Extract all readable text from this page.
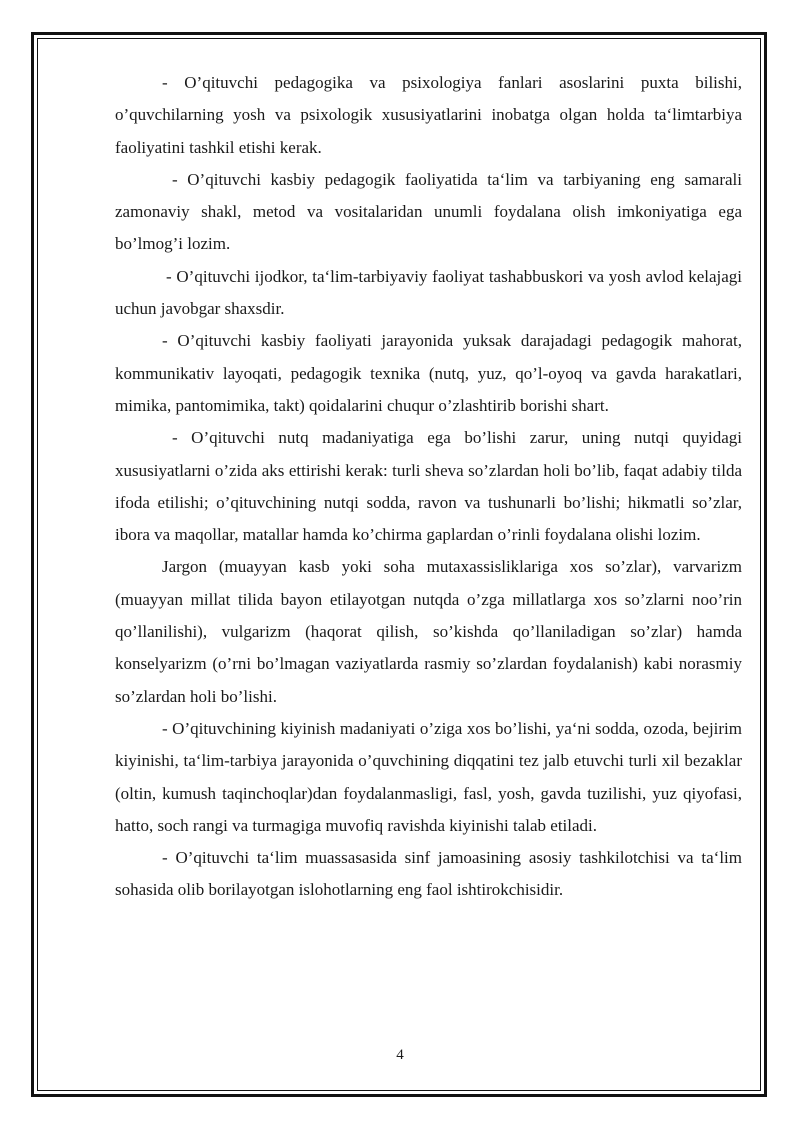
- O’qituvchi pedagogika va psixologiya fanlari asoslarini puxta bilishi, o’quvchilarning yosh va psixologik xususiyatlarini inobatga olgan holda ta‘limtarbiya faoliyatini tashkil etishi kerak.

- O’qituvchi kasbiy pedagogik faoliyatida ta‘lim va tarbiyaning eng samarali zamonaviy shakl, metod va vositalaridan unumli foydalana olish imkoniyatiga ega bo’lmog’i lozim.

- O’qituvchi ijodkor, ta‘lim-tarbiyaviy faoliyat tashabbuskori va yosh avlod kelajagi uchun javobgar shaxsdir.

- O’qituvchi kasbiy faoliyati jarayonida yuksak darajadagi pedagogik mahorat, kommunikativ layoqati, pedagogik texnika (nutq, yuz, qo’l-oyoq va gavda harakatlari, mimika, pantomimika, takt) qoidalarini chuqur o’zlashtirib borishi shart.

- O’qituvchi nutq madaniyatiga ega bo’lishi zarur, uning nutqi quyidagi xususiyatlarni o’zida aks ettirishi kerak: turli sheva so’zlardan holi bo’lib, faqat adabiy tilda ifoda etilishi; o’qituvchining nutqi sodda, ravon va tushunarli bo’lishi; hikmatli so’zlar, ibora va maqollar, matallar hamda ko’chirma gaplardan o’rinli foydalana olishi lozim.

Jargon (muayyan kasb yoki soha mutaxassisliklariga xos so’zlar), varvarizm (muayyan millat tilida bayon etilayotgan nutqda o’zga millatlarga xos so’zlarni noo’rin qo’llanilishi), vulgarizm (haqorat qilish, so’kishda qo’llaniladigan so’zlar) hamda konselyarizm (o’rni bo’lmagan vaziyatlarda rasmiy so’zlardan foydalanish) kabi norasmiy so’zlardan holi bo’lishi.

- O’qituvchining kiyinish madaniyati o’ziga xos bo’lishi, ya‘ni sodda, ozoda, bejirim kiyinishi, ta‘lim-tarbiya jarayonida o’quvchining diqqatini tez jalb etuvchi turli xil bezaklar (oltin, kumush taqinchoqlar)dan foydalanmasligi, fasl, yosh, gavda tuzilishi, yuz qiyofasi, hatto, soch rangi va turmagiga muvofiq ravishda kiyinishi talab etiladi.

- O’qituvchi ta‘lim muassasasida sinf jamoasining asosiy tashkilotchisi va ta‘lim sohasida olib borilayotgan islohotlarning eng faol ishtirokchisidir.

4
